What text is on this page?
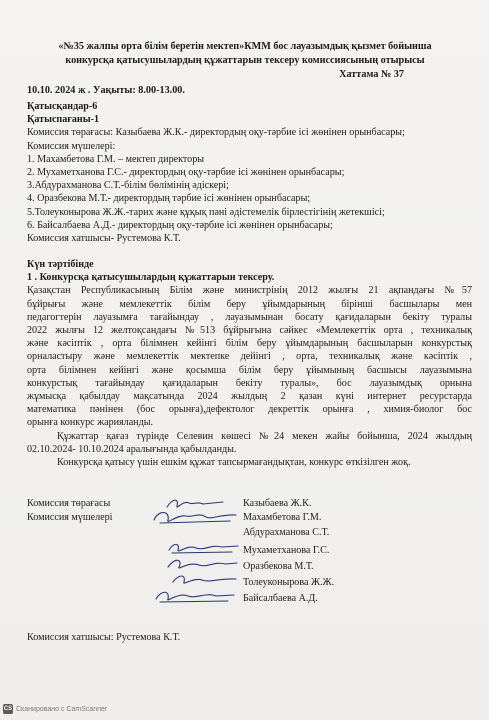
«№35 жалпы орта білім беретін мектеп»КММ бос лауазымдық қызмет бойынша
конкурсқа қатысушылардың құжаттарын тексеру комиссиясының отырысы
Хаттама № 37
10.10. 2024 ж . Уақыты: 8.00-13.00.
Қатысқандар-6
Қатыспағаны-1
Комиссия төрағасы: Казыбаева Ж.К.- директордың оқу-тәрбие ісі жөнінен орынбасары;
Комиссия мүшелері:
1. Махамбетова Г.М. – мектеп директоры
2. Мухаметханова Г.С.- директордың оқу-тәрбие ісі жөнінен орынбасары;
3.Абдурахманова С.Т.-білім бөлімінің әдіскері;
4. Оразбекова М.Т.- директордың тәрбие ісі жөнінен орынбасары;
5.Толеуконырова Ж.Ж.-тарих және құқық пәні әдістемелік бірлестігінің жетекшісі;
6. Байсалбаева А.Д.- директордың оқу-тәрбие ісі жөнінен орынбасары;
Комиссия хатшысы- Рустемова К.Т.
Күн тәртібінде
1 . Конкурсқа қатысушылардың құжаттарын тексеру.
Қазақстан Республикасының Білім және министрінің 2012 жылғы 21 ақпандағы №57
бұйрығы және мемлекеттік білім беру ұйымдарының бірінші басшылары мен
педагогтерін лауазымға тағайындау , лауазымынан босату қағидаларын бекіту туралы
2022 жылғы 12 желтоқсандағы №513 бұйрығына сәйкес «Мемлекеттік орта , техникалық
және кәсіптік , орта білімнен кейінгі білім беру ұйымдарының басшыларын конкурстық
орналастыру және мемлекеттік мектепке дейінгі , орта, техникалық және кәсіптік ,
орта білімнен кейінгі және қосымша білім беру ұйымының басшысы лауазымына
конкурстық тағайындау қағидаларын бекіту туралы», бос лауазымдық орнына
жұмысқа қабылдау мақсатында 2024 жылдың 2 қазан күні интернет ресурстарда
математика пәнінен (бос орынға),дефектолог декреттік орынға , химия-биолог бос
орынға конкурс жарияланды.
Құжаттар қағаз түрінде Селевин көшесі №24 мекен жайы бойынша, 2024 жылдың
02.10.2024- 10.10.2024 аралығында қабылданды.
Конкурсқа қатысу үшін ешкім құжат тапсырмағандықтан, конкурс өткізілген жоқ.
Комиссия төрағасы
Комиссия мүшелері
Казыбаева Ж.К.
Махамбетова Г.М.
Абдурахманова С.Т.
Мухаметханова Г.С.
Оразбекова М.Т.
Толеуконырова Ж.Ж.
Байсалбаева А.Д.
Комиссия хатшысы: Рустемова К.Т.
CS Сканировано с CamScanner
